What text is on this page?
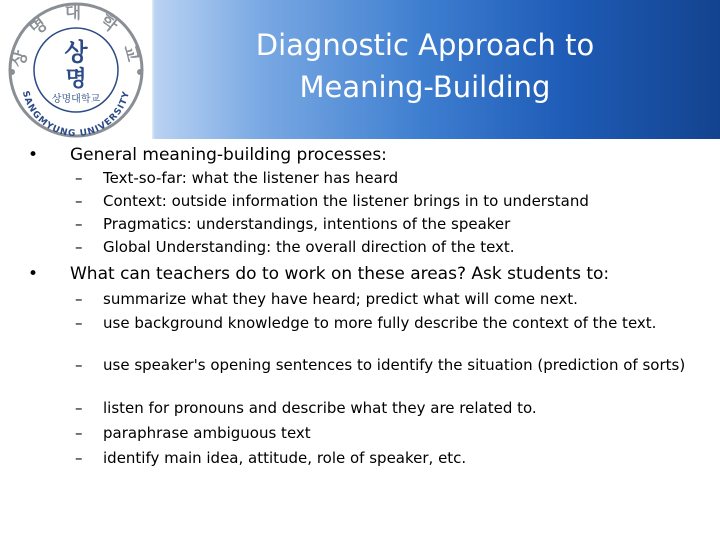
상 명 대 학 교
SANGMYUNG UNIVERSITY
상
명
상명대학교
Diagnostic Approach to
Meaning-Building
• General meaning-building processes:
– Text-so-far: what the listener has heard
– Context: outside information the listener brings in to understand
– Pragmatics: understandings, intentions of the speaker
– Global Understanding: the overall direction of the text.
• What can teachers do to work on these areas? Ask students to:
– summarize what they have heard; predict what will come next.
– use background knowledge to more fully describe the context of the text.
– use speaker's opening sentences to identify the situation (prediction of sorts)
– listen for pronouns and describe what they are related to.
– paraphrase ambiguous text
– identify main idea, attitude, role of speaker, etc.
